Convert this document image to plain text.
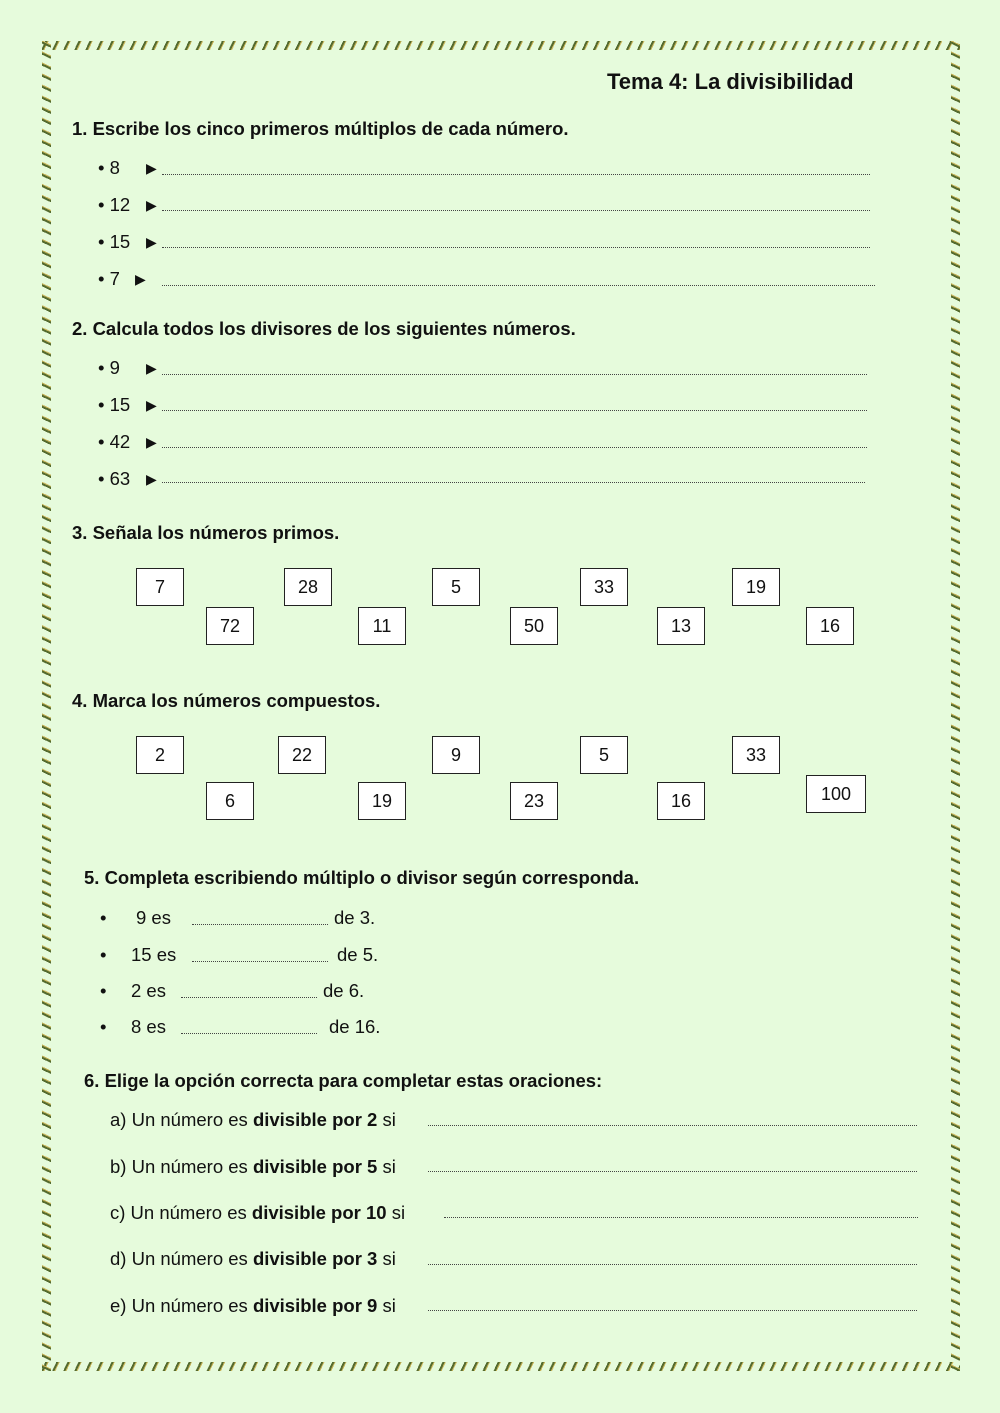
Tema 4: La divisibilidad
1. Escribe los cinco primeros múltiplos de cada número.
• 8 ▶
• 12 ▶
• 15 ▶
• 7 ▶
2. Calcula todos los divisores de los siguientes números.
• 9 ▶
• 15 ▶
• 42 ▶
• 63 ▶
3. Señala los números primos.
7	28	5	33	19
72	11	50	13	16
4. Marca los números compuestos.
2	22	9	5	33
6	19	23	16	100
5. Completa escribiendo múltiplo o divisor según corresponda.
• 9 es	de 3.
• 15 es	de 5.
• 2 es	de 6.
• 8 es	de 16.
6. Elige la opción correcta para completar estas oraciones:
a) Un número es divisible por 2 si
b) Un número es divisible por 5 si
c) Un número es divisible por 10 si
d) Un número es divisible por 3 si
e) Un número es divisible por 9 si
